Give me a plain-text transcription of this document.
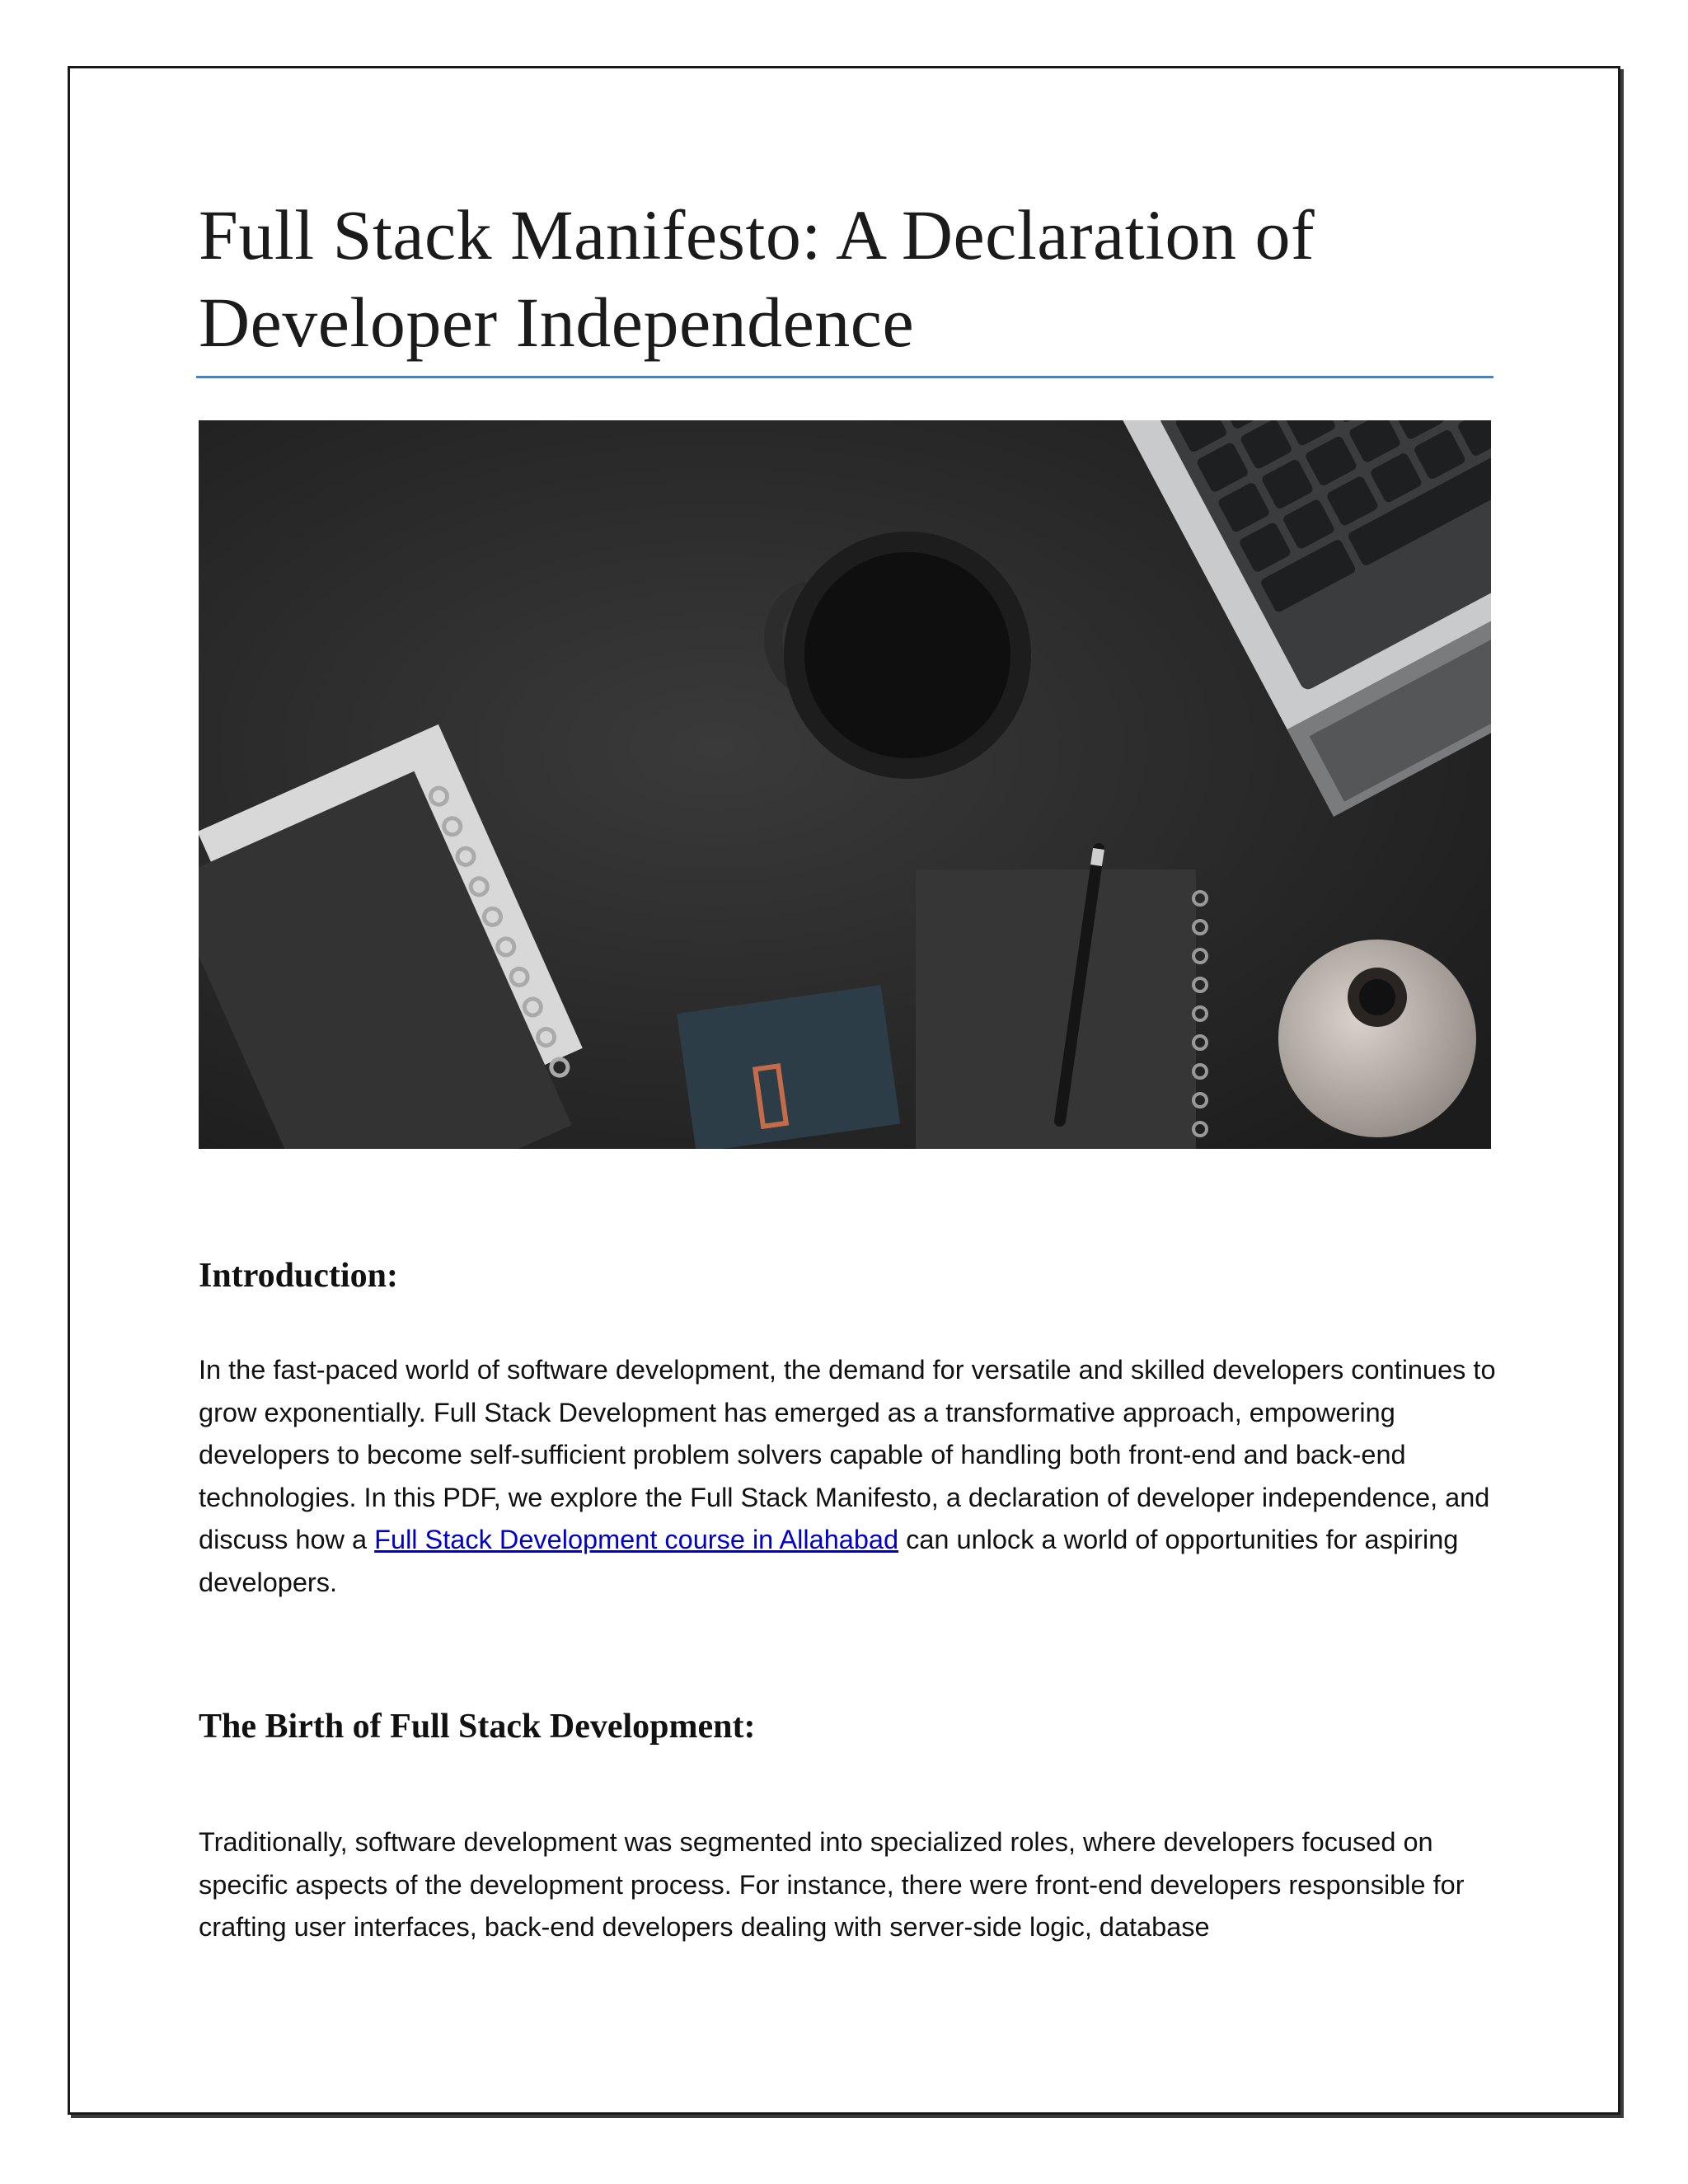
Full Stack Manifesto: A Declaration of Developer Independence
Introduction:

In the fast-paced world of software development, the demand for versatile and skilled developers continues to grow exponentially. Full Stack Development has emerged as a transformative approach, empowering developers to become self-sufficient problem solvers capable of handling both front-end and back-end technologies. In this PDF, we explore the Full Stack Manifesto, a declaration of developer independence, and discuss how a Full Stack Development course in Allahabad can unlock a world of opportunities for aspiring developers.

The Birth of Full Stack Development:

Traditionally, software development was segmented into specialized roles, where developers focused on specific aspects of the development process. For instance, there were front-end developers responsible for crafting user interfaces, back-end developers dealing with server-side logic, database
